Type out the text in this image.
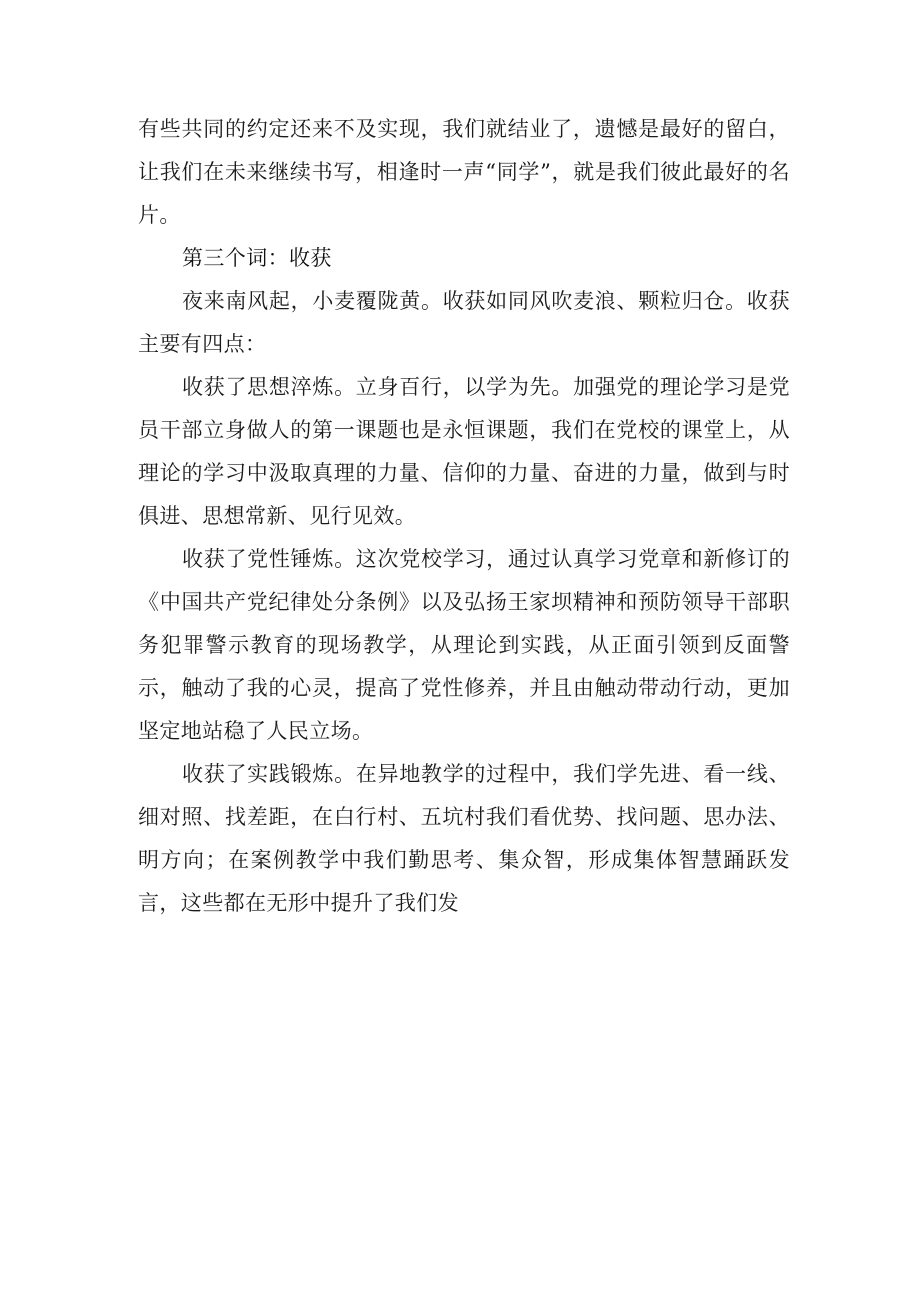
有些共同的约定还来不及实现，我们就结业了，遗憾是最好的留白，让我们在未来继续书写，相逢时一声“同学”，就是我们彼此最好的名片。

第三个词：收获

夜来南风起，小麦覆陇黄。收获如同风吹麦浪、颗粒归仓。收获主要有四点：

收获了思想淬炼。立身百行，以学为先。加强党的理论学习是党员干部立身做人的第一课题也是永恒课题，我们在党校的课堂上，从理论的学习中汲取真理的力量、信仰的力量、奋进的力量，做到与时俱进、思想常新、见行见效。

收获了党性锤炼。这次党校学习，通过认真学习党章和新修订的《中国共产党纪律处分条例》以及弘扬王家坝精神和预防领导干部职务犯罪警示教育的现场教学，从理论到实践，从正面引领到反面警示，触动了我的心灵，提高了党性修养，并且由触动带动行动，更加坚定地站稳了人民立场。

收获了实践锻炼。在异地教学的过程中，我们学先进、看一线、细对照、找差距，在白行村、五坑村我们看优势、找问题、思办法、明方向；在案例教学中我们勤思考、集众智，形成集体智慧踊跃发言，这些都在无形中提升了我们发
